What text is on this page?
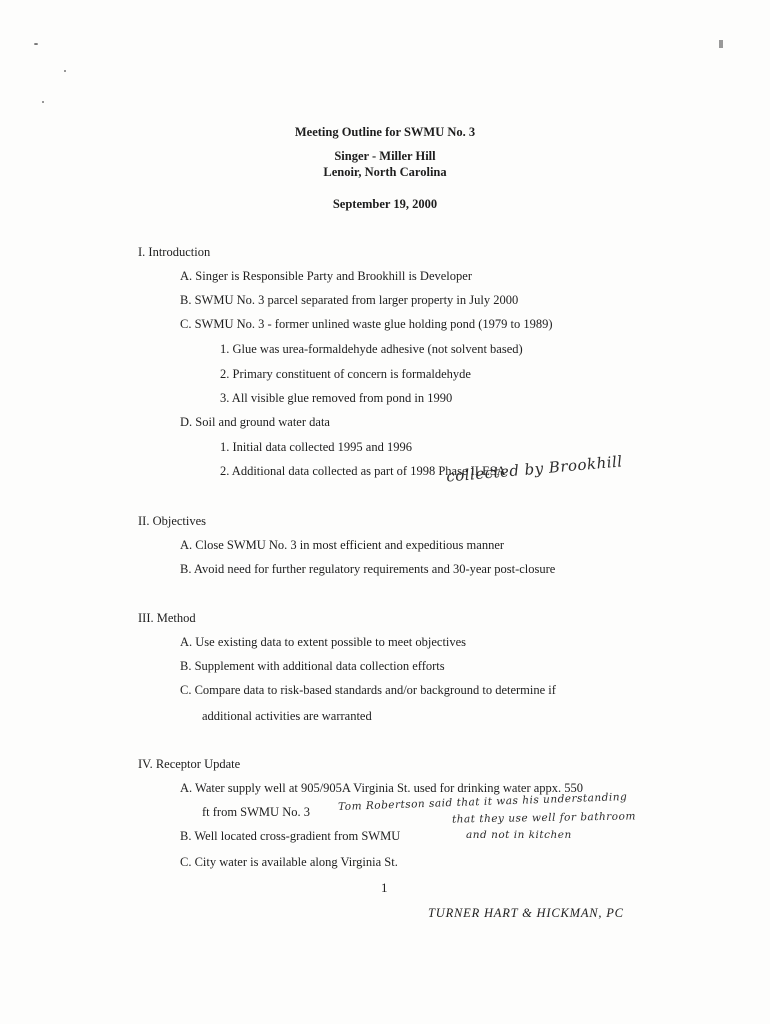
Meeting Outline for SWMU No. 3
Singer - Miller Hill
Lenoir, North Carolina
September 19, 2000
I. Introduction
A. Singer is Responsible Party and Brookhill is Developer
B. SWMU No. 3 parcel separated from larger property in July 2000
C. SWMU No. 3 - former unlined waste glue holding pond (1979 to 1989)
1. Glue was urea-formaldehyde adhesive (not solvent based)
2. Primary constituent of concern is formaldehyde
3. All visible glue removed from pond in 1990
D. Soil and ground water data
1. Initial data collected 1995 and 1996
2. Additional data collected as part of 1998 Phase II ESA
collected by Brookhill
II. Objectives
A. Close SWMU No. 3 in most efficient and expeditious manner
B. Avoid need for further regulatory requirements and 30-year post-closure
III. Method
A. Use existing data to extent possible to meet objectives
B. Supplement with additional data collection efforts
C. Compare data to risk-based standards and/or background to determine if
additional activities are warranted
IV. Receptor Update
A. Water supply well at 905/905A Virginia St. used for drinking water appx. 550
ft from SWMU No. 3
B. Well located cross-gradient from SWMU
C. City water is available along Virginia St.
Tom Robertson said that it was his understanding
that they use well for bathroom
and not in kitchen
1
TURNER HART & HICKMAN, PC
